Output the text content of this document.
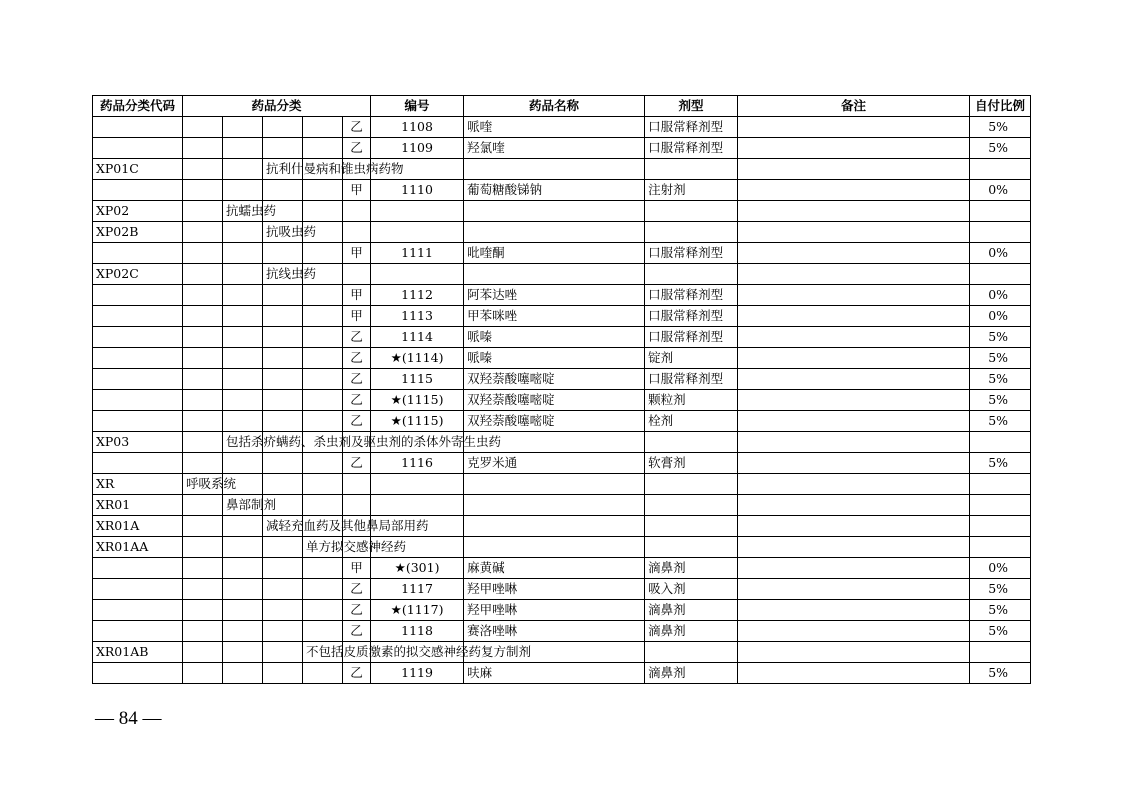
药品分类代码	药品分类					编号	药品名称	剂型	备注	自付比例
					乙	1108	哌喹	口服常释剂型		5%
					乙	1109	羟氯喹	口服常释剂型		5%
XP01C			抗利什曼病和锥虫病药物							

					甲	1110	葡萄糖酸锑钠	注射剂		0%
XP02		抗蠕虫药								

XP02B			抗吸虫药							

					甲	1111	吡喹酮	口服常释剂型		0%
XP02C			抗线虫药							

					甲	1112	阿苯达唑	口服常释剂型		0%
					甲	1113	甲苯咪唑	口服常释剂型		0%
					乙	1114	哌嗪	口服常释剂型		5%
					乙	★(1114)	哌嗪	锭剂		5%
					乙	1115	双羟萘酸噻嘧啶	口服常释剂型		5%
					乙	★(1115)	双羟萘酸噻嘧啶	颗粒剂		5%
					乙	★(1115)	双羟萘酸噻嘧啶	栓剂		5%
XP03		包括杀疥螨药、杀虫剂及驱虫剂的杀体外寄生虫药								

					乙	1116	克罗米通	软膏剂		5%
XR	呼吸系统									

XR01		鼻部制剂								

XR01A			减轻充血药及其他鼻局部用药							

XR01AA				单方拟交感神经药						

					甲	★(301)	麻黄碱	滴鼻剂		0%
					乙	1117	羟甲唑啉	吸入剂		5%
					乙	★(1117)	羟甲唑啉	滴鼻剂		5%
					乙	1118	赛洛唑啉	滴鼻剂		5%
XR01AB				不包括皮质激素的拟交感神经药复方制剂						

					乙	1119	呋麻	滴鼻剂		5%
— 84 —
